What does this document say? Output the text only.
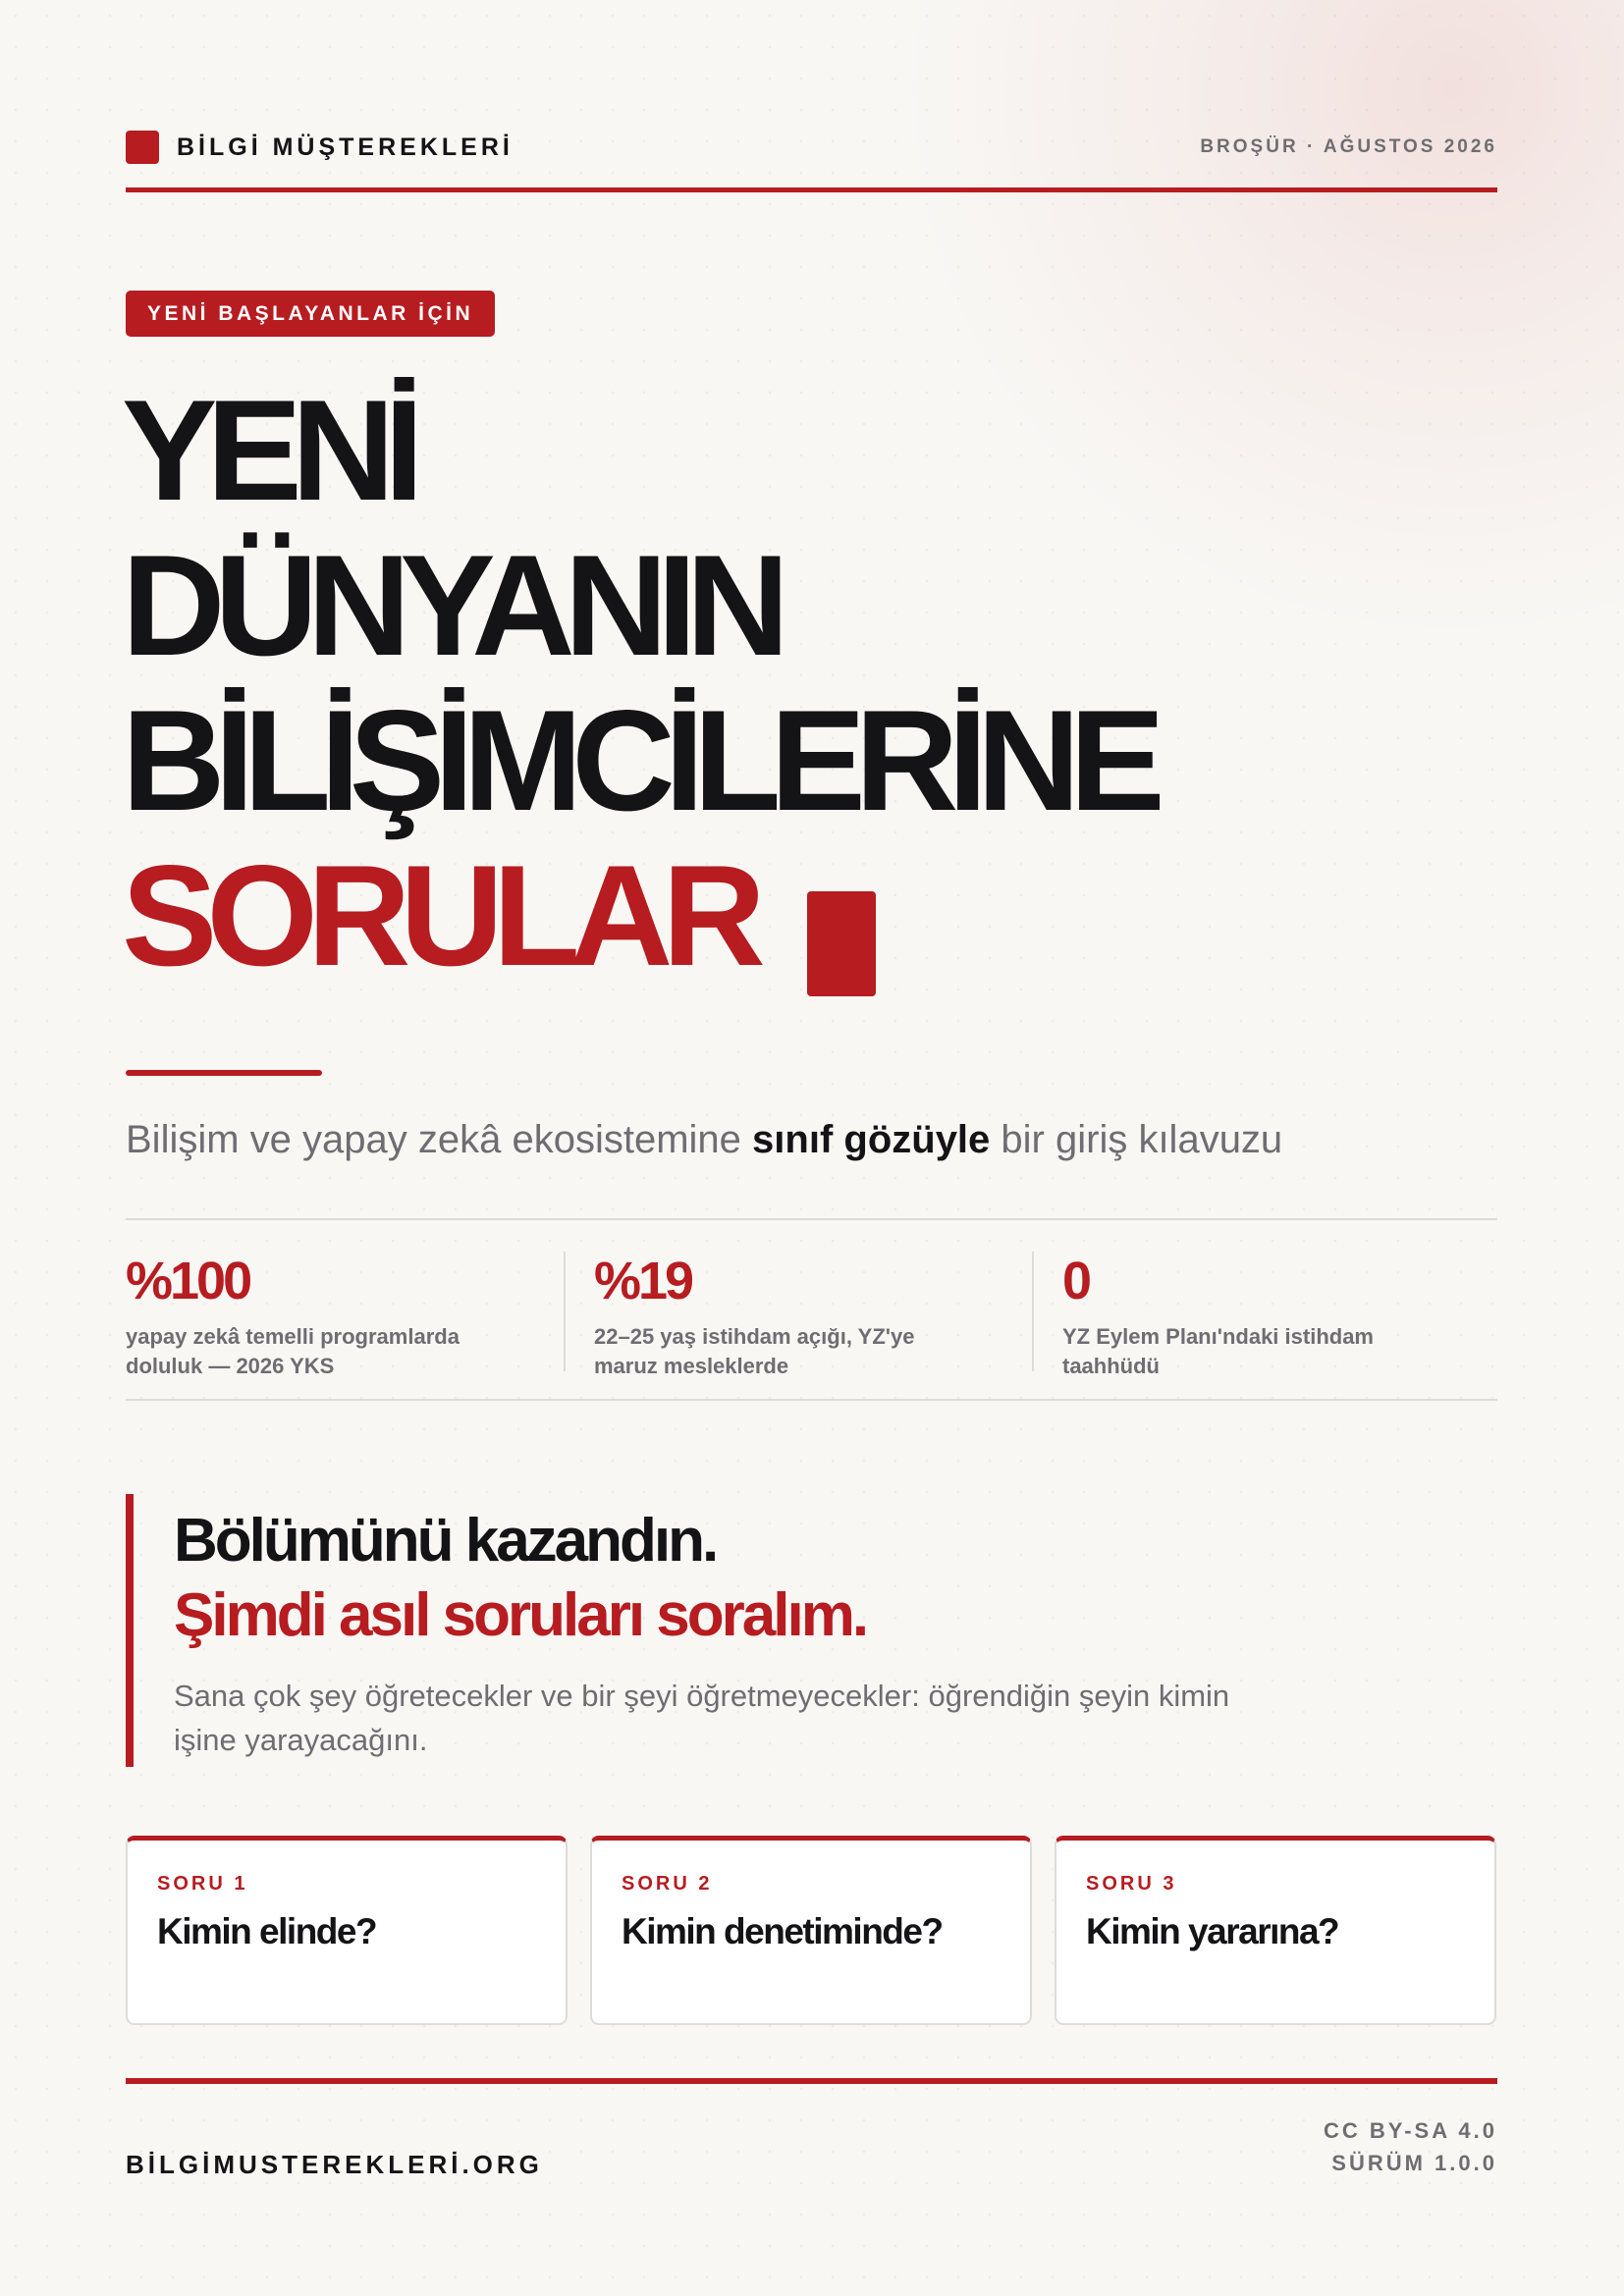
BİLGİ MÜŞTEREKLERİ	BROŞÜR · AĞUSTOS 2026
YENİ BAŞLAYANLAR İÇİN
YENİ
DÜNYANIN
BİLİŞİMCİLERİNE
SORULAR
Bilişim ve yapay zekâ ekosistemine sınıf gözüyle bir giriş kılavuzu
%100
yapay zekâ temelli programlarda doluluk — 2026 YKS
%19
22–25 yaş istihdam açığı, YZ'ye maruz mesleklerde
0
YZ Eylem Planı'ndaki istihdam taahhüdü
Bölümünü kazandın.
Şimdi asıl soruları soralım.
Sana çok şey öğretecekler ve bir şeyi öğretmeyecekler: öğrendiğin şeyin kimin işine yarayacağını.
SORU 1
Kimin elinde?
SORU 2
Kimin denetiminde?
SORU 3
Kimin yararına?
BİLGİMUSTEREKLERİ.ORG
CC BY-SA 4.0
SÜRÜM 1.0.0
